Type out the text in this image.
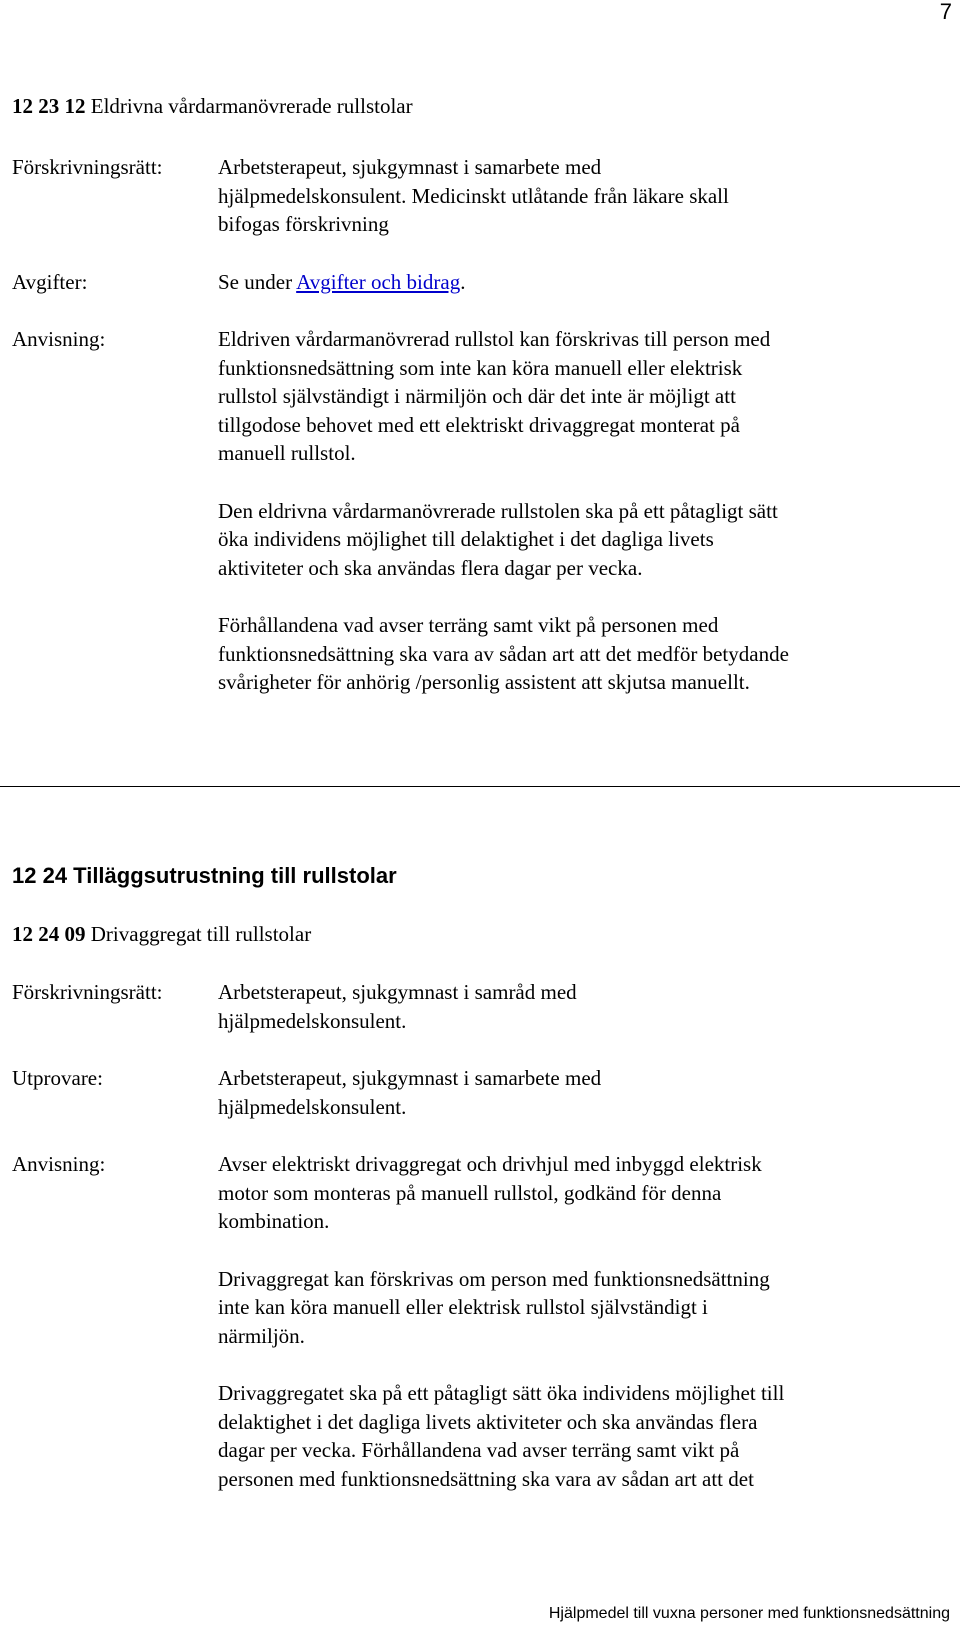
7
12 23 12 Eldrivna vårdarmanövrerade rullstolar
Förskrivningsrätt:	Arbetsterapeut, sjukgymnast i samarbete med hjälpmedelskonsulent. Medicinskt utlåtande från läkare skall bifogas förskrivning
Avgifter:	Se under Avgifter och bidrag.
Anvisning:	Eldriven vårdarmanövrerad rullstol kan förskrivas till person med funktionsnedsättning som inte kan köra manuell eller elektrisk rullstol självständigt i närmiljön och där det inte är möjligt att tillgodose behovet med ett elektriskt drivaggregat monterat på manuell rullstol.

Den eldrivna vårdarmanövrerade rullstolen ska på ett påtagligt sätt öka individens möjlighet till delaktighet i det dagliga livets aktiviteter och ska användas flera dagar per vecka.

Förhållandena vad avser terräng samt vikt på personen med funktionsnedsättning ska vara av sådan art att det medför betydande svårigheter för anhörig /personlig assistent att skjutsa manuellt.

12 24 Tilläggsutrustning till rullstolar
12 24 09 Drivaggregat till rullstolar
Förskrivningsrätt:	Arbetsterapeut, sjukgymnast i samråd med hjälpmedelskonsulent.
Utprovare:	Arbetsterapeut, sjukgymnast i samarbete med hjälpmedelskonsulent.
Anvisning:	Avser elektriskt drivaggregat och drivhjul med inbyggd elektrisk motor som monteras på manuell rullstol, godkänd för denna kombination.

Drivaggregat kan förskrivas om person med funktionsnedsättning inte kan köra manuell eller elektrisk rullstol självständigt i närmiljön.

Drivaggregatet ska på ett påtagligt sätt öka individens möjlighet till delaktighet i det dagliga livets aktiviteter och ska användas flera dagar per vecka. Förhållandena vad avser terräng samt vikt på personen med funktionsnedsättning ska vara av sådan art att det

Hjälpmedel till vuxna personer med funktionsnedsättning
